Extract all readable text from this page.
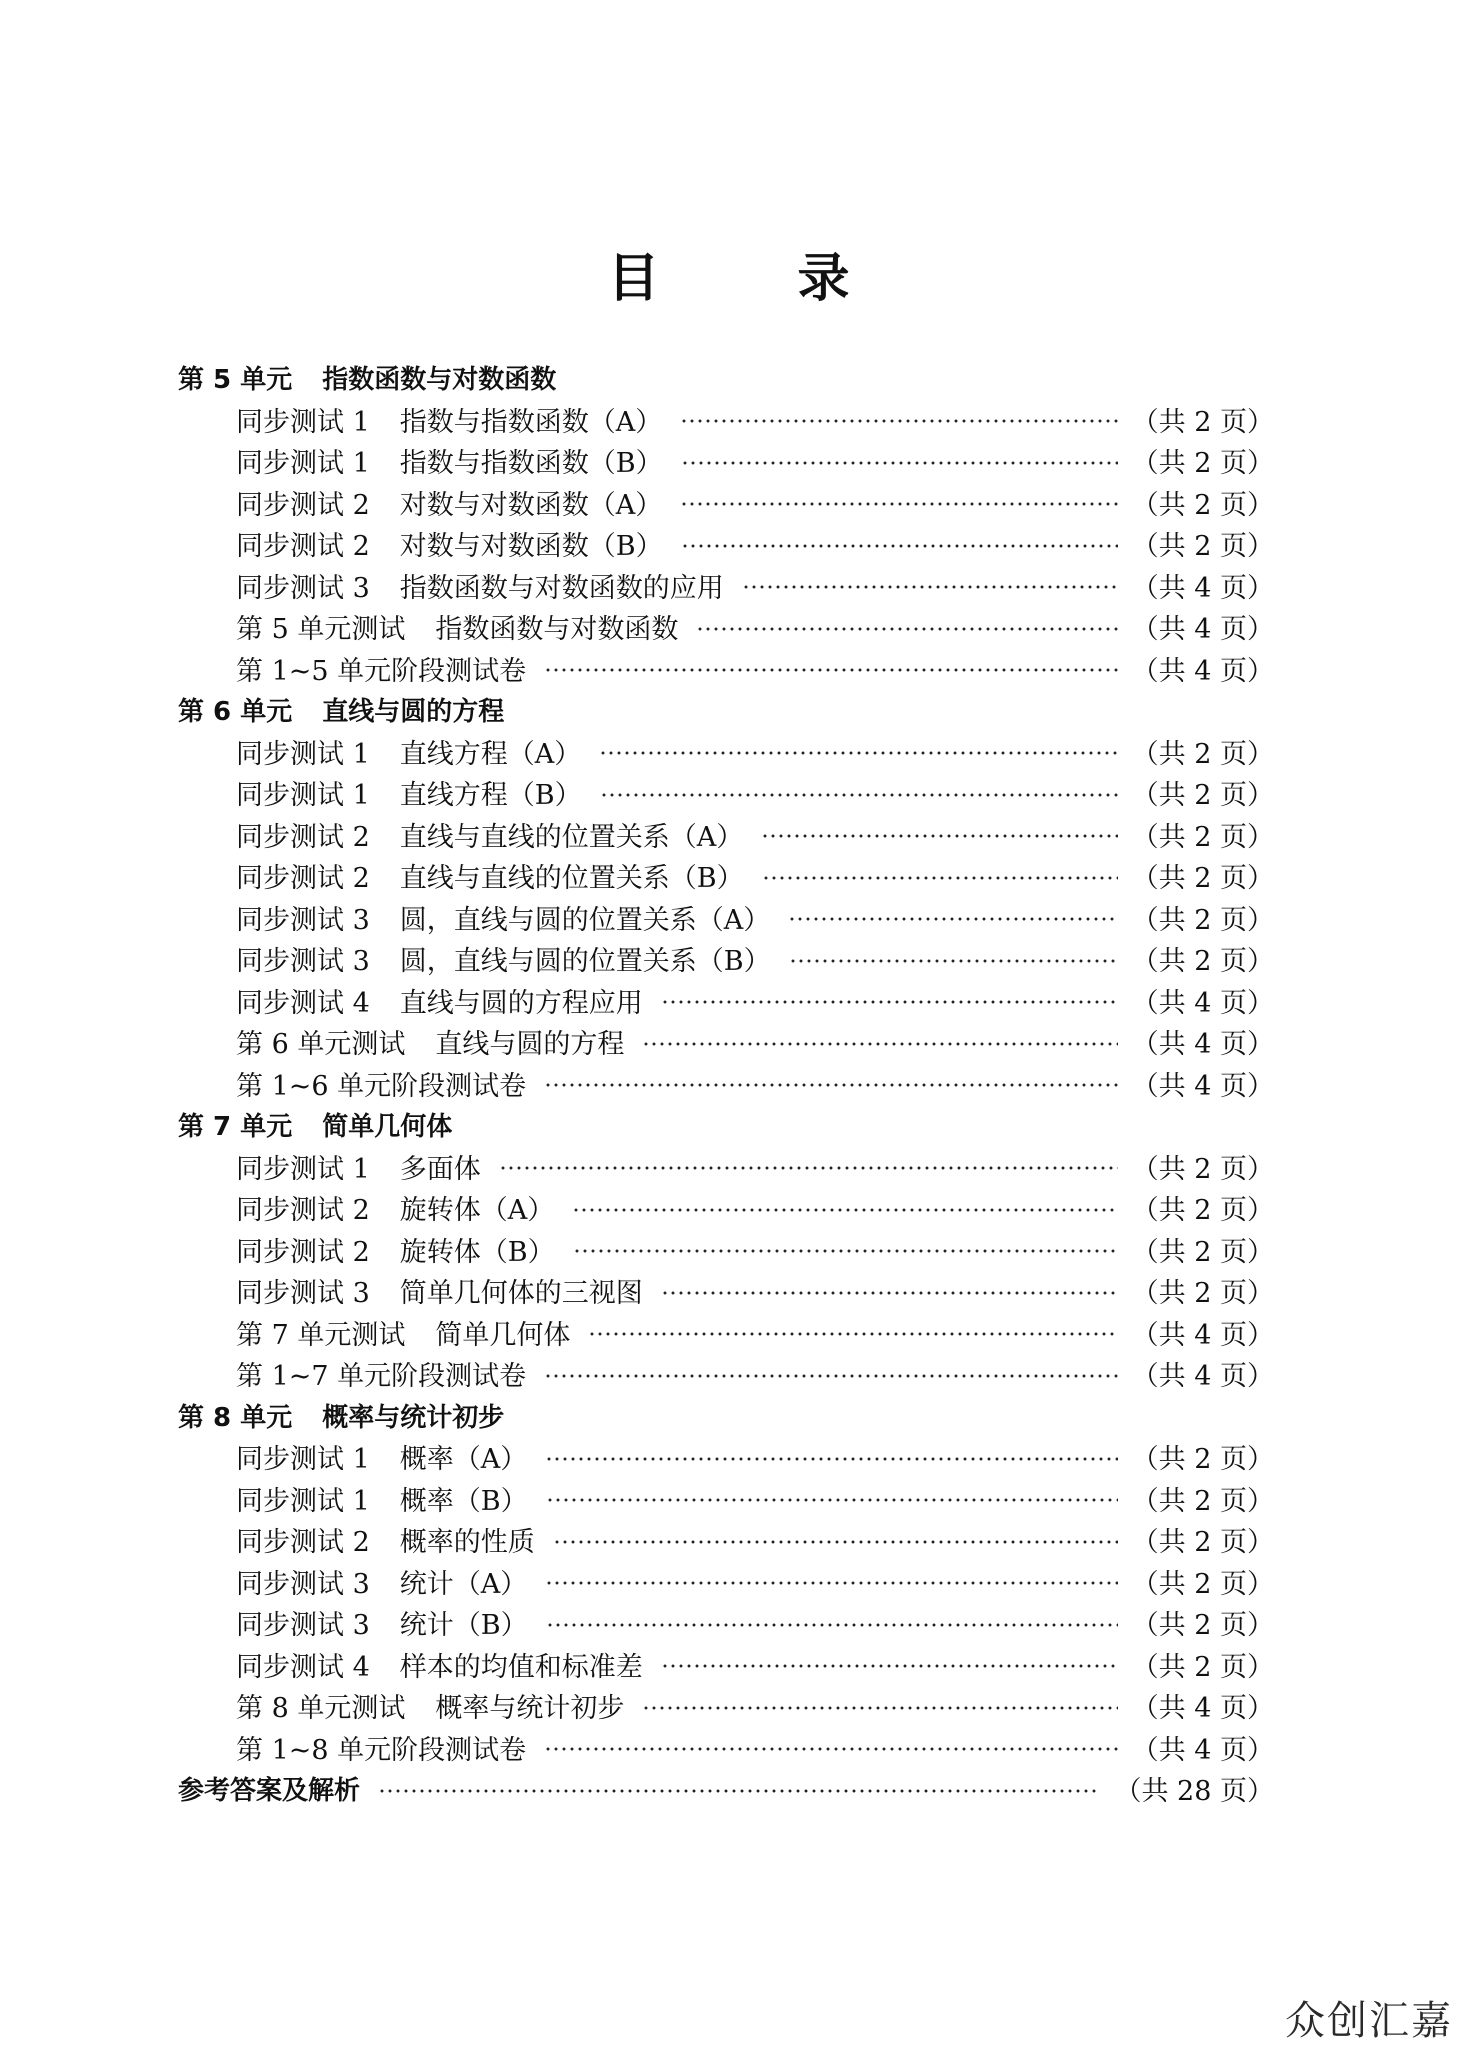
目 录
第 5 单元 指数函数与对数函数
同步测试 1 指数与指数函数（A）	（共 2 页）
同步测试 1 指数与指数函数（B）	（共 2 页）
同步测试 2 对数与对数函数（A）	（共 2 页）
同步测试 2 对数与对数函数（B）	（共 2 页）
同步测试 3 指数函数与对数函数的应用	（共 4 页）
第 5 单元测试 指数函数与对数函数	（共 4 页）
第 1~5 单元阶段测试卷	（共 4 页）
第 6 单元 直线与圆的方程
同步测试 1 直线方程（A）	（共 2 页）
同步测试 1 直线方程（B）	（共 2 页）
同步测试 2 直线与直线的位置关系（A）	（共 2 页）
同步测试 2 直线与直线的位置关系（B）	（共 2 页）
同步测试 3 圆，直线与圆的位置关系（A）	（共 2 页）
同步测试 3 圆，直线与圆的位置关系（B）	（共 2 页）
同步测试 4 直线与圆的方程应用	（共 4 页）
第 6 单元测试 直线与圆的方程	（共 4 页）
第 1~6 单元阶段测试卷	（共 4 页）
第 7 单元 简单几何体
同步测试 1 多面体	（共 2 页）
同步测试 2 旋转体（A）	（共 2 页）
同步测试 2 旋转体（B）	（共 2 页）
同步测试 3 简单几何体的三视图	（共 2 页）
第 7 单元测试 简单几何体	（共 4 页）
第 1~7 单元阶段测试卷	（共 4 页）
第 8 单元 概率与统计初步
同步测试 1 概率（A）	（共 2 页）
同步测试 1 概率（B）	（共 2 页）
同步测试 2 概率的性质	（共 2 页）
同步测试 3 统计（A）	（共 2 页）
同步测试 3 统计（B）	（共 2 页）
同步测试 4 样本的均值和标准差	（共 2 页）
第 8 单元测试 概率与统计初步	（共 4 页）
第 1~8 单元阶段测试卷	（共 4 页）
参考答案及解析	（共 28 页）
众创汇嘉
